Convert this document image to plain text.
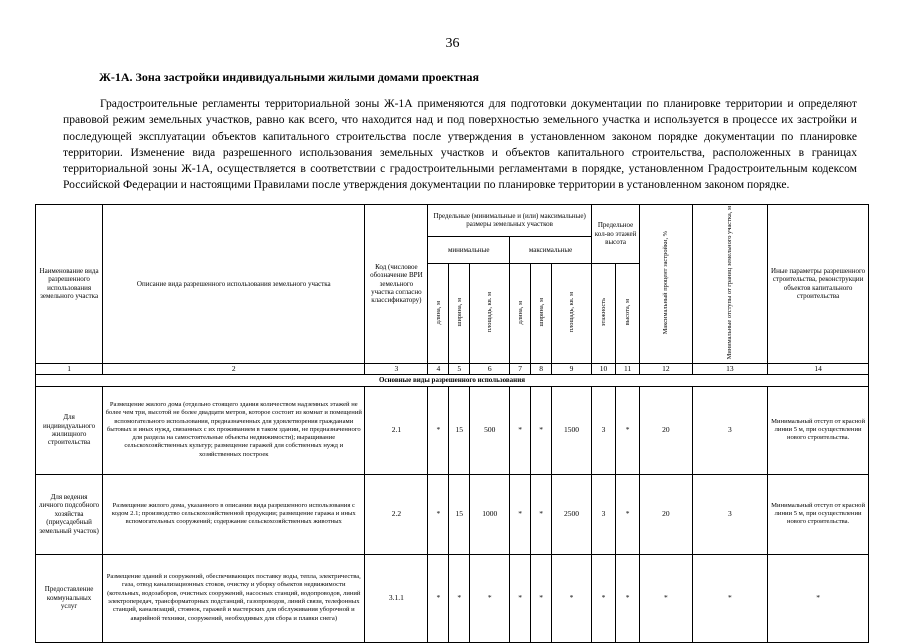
36
Ж-1А. Зона застройки индивидуальными жилыми домами проектная

Градостроительные регламенты территориальной зоны Ж-1А применяются для подготовки документации по планировке территории и определяют правовой режим земельных участков, равно как всего, что находится над и под поверхностью земельного участка и используется в процессе их застройки и последующей эксплуатации объектов капитального строительства после утверждения в установленном законом порядке документации по планировке территории. Изменение вида разрешенного использования земельных участков и объектов капитального строительства, расположенных в границах территориальной зоны Ж-1А, осуществляется в соответствии с градостроительными регламентами в порядке, установленном Градостроительным кодексом Российской Федерации и настоящими Правилами после утверждения документации по планировке территории в установленном законом порядке.

Наименование вида разрешенного использования земельного участка	Описание вида разрешенного использования земельного участка	Код (числовое обозначение ВРИ земельного участка согласно классификатору)	Предельные (минимальные и (или) максимальные) размеры земельных участков						Предельное кол-во этажей высота		Максимальный процент застройки, %	Минимальные отступы от границ земельного участка, м	Иные параметры разрешенного строительства, реконструкции объектов капитального строительства
			минимальные			максимальные							
			длина, м	ширина, м	площадь, кв. м	длина, м	ширина, м	площадь, кв. м	этажность	высота, м			
1	2	3	4	5	6	7	8	9	10	11	12	13	14
Основные виды разрешенного использования													
Для индивидуального жилищного строительства	Размещение жилого дома (отдельно стоящего здания количеством надземных этажей не более чем три, высотой не более двадцати метров, которое состоит из комнат и помещений вспомогательного использования, предназначенных для удовлетворения гражданами бытовых и иных нужд, связанных с их проживанием в таком здании, не предназначенного для раздела на самостоятельные объекты недвижимости); выращивание сельскохозяйственных культур; размещение гаражей для собственных нужд и хозяйственных построек	2.1	*	15	500	*	*	1500	3	*	20	3	Минимальный отступ от красной линии 5 м, при осуществлении нового строительства.
Для ведения личного подсобного хозяйства (приусадебный земельный участок)	Размещение жилого дома, указанного в описании вида разрешенного использования с кодом 2.1; производство сельскохозяйственной продукции; размещение гаража и иных вспомогательных сооружений; содержание сельскохозяйственных животных	2.2	*	15	1000	*	*	2500	3	*	20	3	Минимальный отступ от красной линии 5 м, при осуществлении нового строительства.
Предоставление коммунальных услуг	Размещение зданий и сооружений, обеспечивающих поставку воды, тепла, электричества, газа, отвод канализационных стоков, очистку и уборку объектов недвижимости (котельных, водозаборов, очистных сооружений, насосных станций, водопроводов, линий электропередач, трансформаторных подстанций, газопроводов, линий связи, телефонных станций, канализаций, стоянок, гаражей и мастерских для обслуживания уборочной и аварийной техники, сооружений, необходимых для сбора и плавки снега)	3.1.1	*	*	*	*	*	*	*	*	*	*	*
